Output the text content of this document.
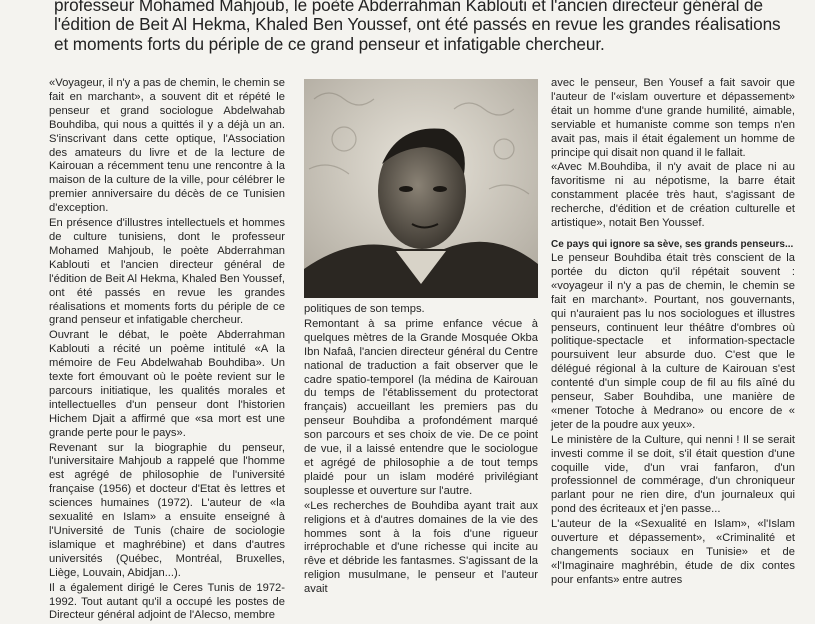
professeur Mohamed Mahjoub, le poète Abderrahman Kablouti et l'ancien directeur général de l'édition de Beit Al Hekma, Khaled Ben Youssef, ont été passés en revue les grandes réalisations et moments forts du périple de ce grand penseur et infatigable chercheur.

«Voyageur, il n'y a pas de chemin, le chemin se fait en marchant», a souvent dit et répété le penseur et grand sociologue Abdelwahab Bouhdiba, qui nous a quittés il y a déjà un an. S'inscrivant dans cette optique, l'Association des amateurs du livre et de la lecture de Kairouan a récemment tenu une rencontre à la maison de la culture de la ville, pour célébrer le premier anniversaire du décès de ce Tunisien d'exception.

En présence d'illustres intellectuels et hommes de culture tunisiens, dont le professeur Mohamed Mahjoub, le poète Abderrahman Kablouti et l'ancien directeur général de l'édition de Beit Al Hekma, Khaled Ben Youssef, ont été passés en revue les grandes réalisations et moments forts du périple de ce grand penseur et infatigable chercheur.

Ouvrant le débat, le poète Abderrahman Kablouti a récité un poème intitulé «A la mémoire de Feu Abdelwahab Bouhdiba». Un texte fort émouvant où le poète revient sur le parcours initiatique, les qualités morales et intellectuelles d'un penseur dont l'historien Hichem Djait a affirmé que «sa mort est une grande perte pour le pays».

Revenant sur la biographie du penseur, l'universitaire Mahjoub a rappelé que l'homme est agrégé de philosophie de l'université française (1956) et docteur d'Etat ès lettres et sciences humaines (1972). L'auteur de «la sexualité en Islam» a ensuite enseigné à l'Université de Tunis (chaire de sociologie islamique et maghrébine) et dans d'autres universités (Québec, Montréal, Bruxelles, Liège, Louvain, Abidjan...).

Il a également dirigé le Ceres Tunis de 1972-1992. Tout autant qu'il a occupé les postes de Directeur général adjoint de l'Alecso, membre

politiques de son temps.

Remontant à sa prime enfance vécue à quelques mètres de la Grande Mosquée Okba Ibn Nafaâ, l'ancien directeur général du Centre national de traduction a fait observer que le cadre spatio-temporel (la médina de Kairouan du temps de l'établissement du protectorat français) accueillant les premiers pas du penseur Bouhdiba a profondément marqué son parcours et ses choix de vie. De ce point de vue, il a laissé entendre que le sociologue et agrégé de philosophie a de tout temps plaidé pour un islam modéré privilégiant souplesse et ouverture sur l'autre.

«Les recherches de Bouhdiba ayant trait aux religions et à d'autres domaines de la vie des hommes sont à la fois d'une rigueur irréprochable et d'une richesse qui incite au rêve et débride les fantasmes. S'agissant de la religion musulmane, le penseur et l'auteur avait

avec le penseur, Ben Yousef a fait savoir que l'auteur de l'«islam ouverture et dépassement» était un homme d'une grande humilité, aimable, serviable et humaniste comme son temps n'en avait pas, mais il était également un homme de principe qui disait non quand il le fallait.

«Avec M.Bouhdiba, il n'y avait de place ni au favoritisme ni au népotisme, la barre était constamment placée très haut, s'agissant de recherche, d'édition et de création culturelle et artistique», notait Ben Youssef.

Ce pays qui ignore sa sève, ses grands penseurs...

Le penseur Bouhdiba était très conscient de la portée du dicton qu'il répétait souvent : «voyageur il n'y a pas de chemin, le chemin se fait en marchant». Pourtant, nos gouvernants, qui n'auraient pas lu nos sociologues et illustres penseurs, continuent leur théâtre d'ombres où politique-spectacle et information-spectacle poursuivent leur absurde duo. C'est que le délégué régional à la culture de Kairouan s'est contenté d'un simple coup de fil au fils aîné du penseur, Saber Bouhdiba, une manière de «mener Totoche à Medrano» ou encore de « jeter de la poudre aux yeux».

Le ministère de la Culture, qui nenni ! Il se serait investi comme il se doit, s'il était question d'une coquille vide, d'un vrai fanfaron, d'un professionnel de commérage, d'un chroniqueur parlant pour ne rien dire, d'un journaleux qui pond des écriteaux et j'en passe...

L'auteur de la «Sexualité en Islam», «l'Islam ouverture et dépassement», «Criminalité et changements sociaux en Tunisie» et de «l'Imaginaire maghrébin, étude de dix contes pour enfants» entre autres
